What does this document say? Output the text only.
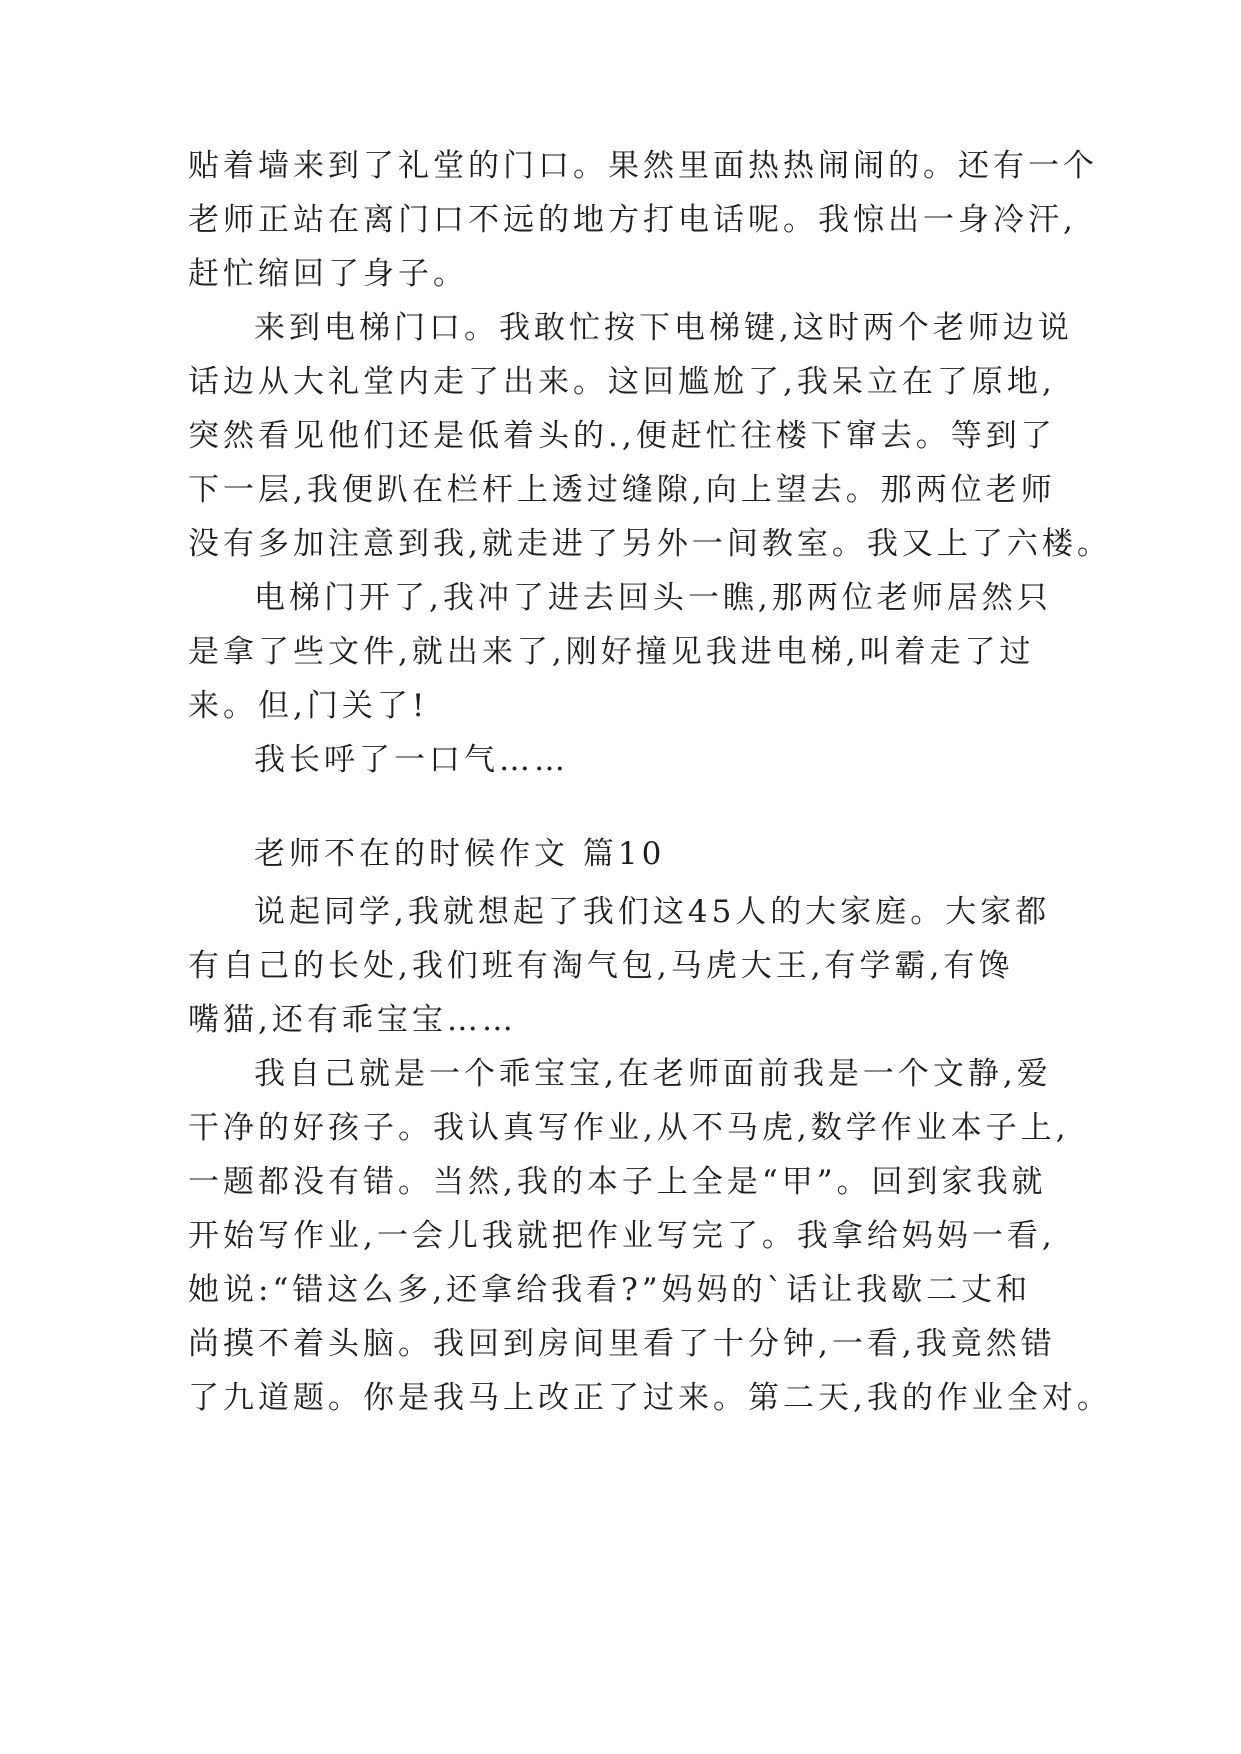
贴着墙来到了礼堂的门口。果然里面热热闹闹的。还有一个
老师正站在离门口不远的地方打电话呢。我惊出一身冷汗,
赶忙缩回了身子。
来到电梯门口。我敢忙按下电梯键,这时两个老师边说
话边从大礼堂内走了出来。这回尴尬了,我呆立在了原地,
突然看见他们还是低着头的.,便赶忙往楼下窜去。等到了
下一层,我便趴在栏杆上透过缝隙,向上望去。那两位老师
没有多加注意到我,就走进了另外一间教室。我又上了六楼。
电梯门开了,我冲了进去回头一瞧,那两位老师居然只
是拿了些文件,就出来了,刚好撞见我进电梯,叫着走了过
来。但,门关了!
我长呼了一口气……
老师不在的时候作文 篇10
说起同学,我就想起了我们这45人的大家庭。大家都
有自己的长处,我们班有淘气包,马虎大王,有学霸,有馋
嘴猫,还有乖宝宝……
我自己就是一个乖宝宝,在老师面前我是一个文静,爱
干净的好孩子。我认真写作业,从不马虎,数学作业本子上,
一题都没有错。当然,我的本子上全是“甲”。回到家我就
开始写作业,一会儿我就把作业写完了。我拿给妈妈一看,
她说:“错这么多,还拿给我看?”妈妈的`话让我歇二丈和
尚摸不着头脑。我回到房间里看了十分钟,一看,我竟然错
了九道题。你是我马上改正了过来。第二天,我的作业全对。
